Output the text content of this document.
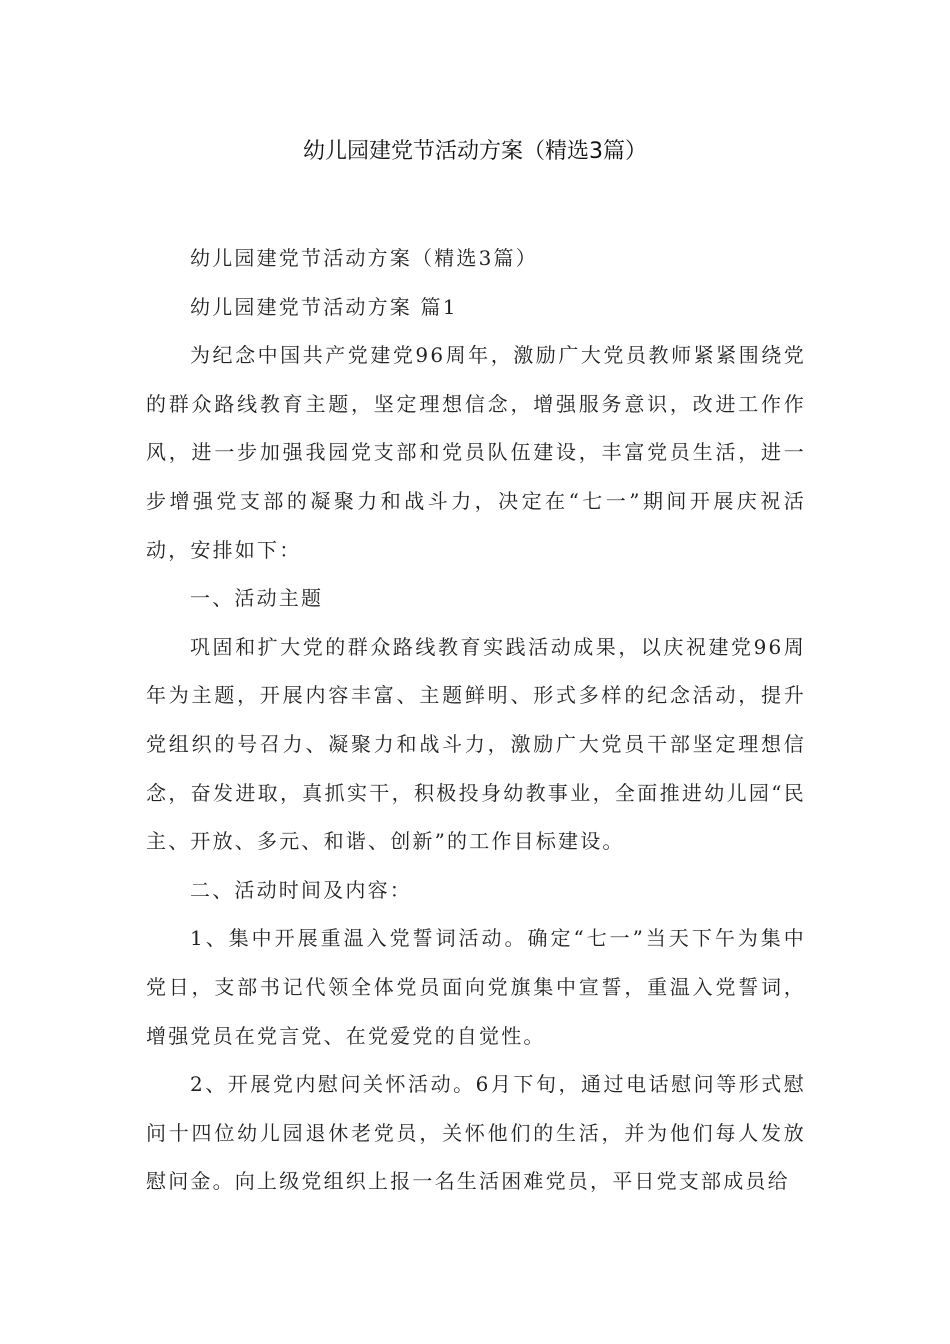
幼儿园建党节活动方案（精选3篇）

幼儿园建党节活动方案（精选3篇）

幼儿园建党节活动方案 篇1

为纪念中国共产党建党96周年，激励广大党员教师紧紧围绕党的群众路线教育主题，坚定理想信念，增强服务意识，改进工作作风，进一步加强我园党支部和党员队伍建设，丰富党员生活，进一步增强党支部的凝聚力和战斗力，决定在“七一”期间开展庆祝活动，安排如下：

一、活动主题

巩固和扩大党的群众路线教育实践活动成果，以庆祝建党96周年为主题，开展内容丰富、主题鲜明、形式多样的纪念活动，提升党组织的号召力、凝聚力和战斗力，激励广大党员干部坚定理想信念，奋发进取，真抓实干，积极投身幼教事业，全面推进幼儿园“民主、开放、多元、和谐、创新”的工作目标建设。

二、活动时间及内容：

1、集中开展重温入党誓词活动。确定“七一”当天下午为集中党日，支部书记代领全体党员面向党旗集中宣誓，重温入党誓词，增强党员在党言党、在党爱党的自觉性。

2、开展党内慰问关怀活动。6月下旬，通过电话慰问等形式慰问十四位幼儿园退休老党员，关怀他们的生活，并为他们每人发放慰问金。向上级党组织上报一名生活困难党员，平日党支部成员给
